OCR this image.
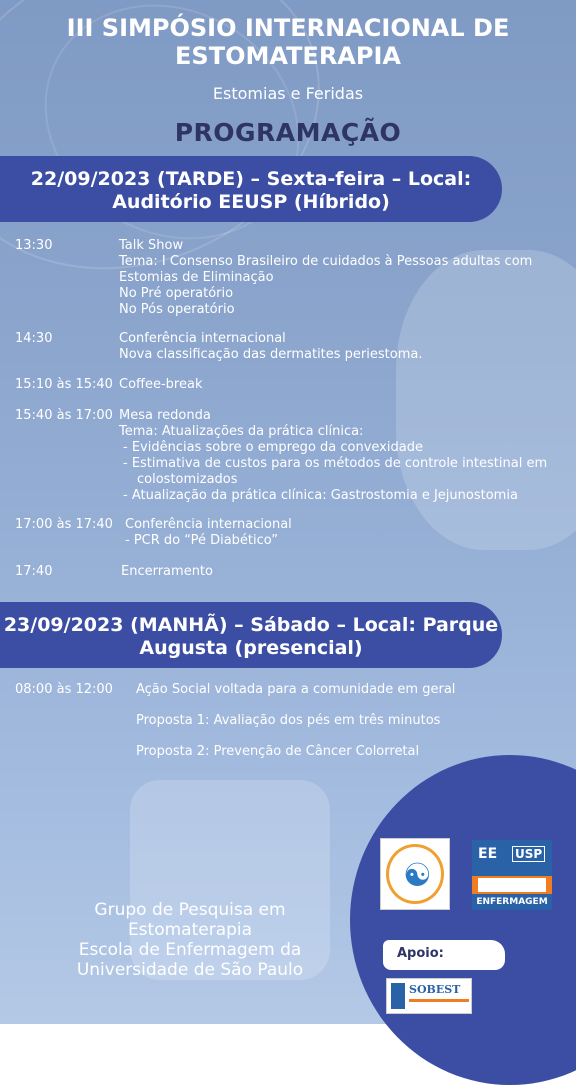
III SIMPÓSIO INTERNACIONAL DE
ESTOMATERAPIA
Estomias e Feridas
PROGRAMAÇÃO
22/09/2023 (TARDE) – Sexta-feira – Local:
Auditório EEUSP (Híbrido)
13:30	Talk Show
Tema: I Consenso Brasileiro de cuidados à Pessoas adultas com
Estomias de Eliminação
No Pré operatório
No Pós operatório
14:30	Conferência internacional
Nova classificação das dermatites periestoma.
15:10 às 15:40 Coffee-break
15:40 às 17:00 Mesa redonda
Tema: Atualizações da prática clínica:
- Evidências sobre o emprego da convexidade
- Estimativa de custos para os métodos de controle intestinal em
colostomizados
- Atualização da prática clínica: Gastrostomia e Jejunostomia
17:00 às 17:40 Conferência internacional
- PCR do “Pé Diabético”
17:40	Encerramento
23/09/2023 (MANHÃ) – Sábado – Local: Parque
Augusta (presencial)
08:00 às 12:00 Ação Social voltada para a comunidade em geral
Proposta 1: Avaliação dos pés em três minutos
Proposta 2: Prevenção de Câncer Colorretal
Grupo de Pesquisa em
Estomaterapia
Escola de Enfermagem da
Universidade de São Paulo
☯
EE USP
ENFERMAGEM
Apoio:
SOBEST
